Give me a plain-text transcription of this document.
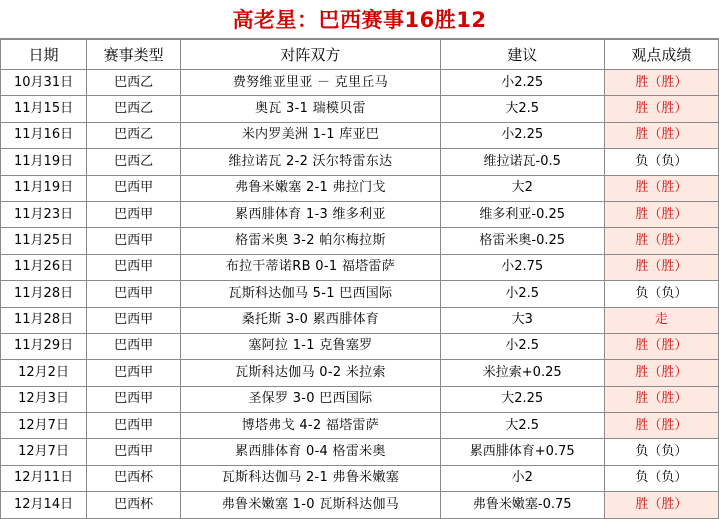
高老星：巴西赛事16胜12
日期	赛事类型	对阵双方	建议	观点成绩
10月31日	巴西乙	费努维亚里亚 － 克里丘马	小2.25	胜（胜）
11月15日	巴西乙	奥瓦 3-1 瑞模贝雷	大2.5	胜（胜）
11月16日	巴西乙	米内罗美洲 1-1 库亚巴	小2.25	胜（胜）
11月19日	巴西乙	维拉诺瓦 2-2 沃尔特雷东达	维拉诺瓦-0.5	负（负）
11月19日	巴西甲	弗鲁米嫩塞 2-1 弗拉门戈	大2	胜（胜）
11月23日	巴西甲	累西腓体育 1-3 维多利亚	维多利亚-0.25	胜（胜）
11月25日	巴西甲	格雷米奥 3-2 帕尔梅拉斯	格雷米奥-0.25	胜（胜）
11月26日	巴西甲	布拉干蒂诺RB 0-1 福塔雷萨	小2.75	胜（胜）
11月28日	巴西甲	瓦斯科达伽马 5-1 巴西国际	小2.5	负（负）
11月28日	巴西甲	桑托斯 3-0 累西腓体育	大3	走
11月29日	巴西甲	塞阿拉 1-1 克鲁塞罗	小2.5	胜（胜）
12月2日	巴西甲	瓦斯科达伽马 0-2 米拉索	米拉索+0.25	胜（胜）
12月3日	巴西甲	圣保罗 3-0 巴西国际	大2.25	胜（胜）
12月7日	巴西甲	博塔弗戈 4-2 福塔雷萨	大2.5	胜（胜）
12月7日	巴西甲	累西腓体育 0-4 格雷米奥	累西腓体育+0.75	负（负）
12月11日	巴西杯	瓦斯科达伽马 2-1 弗鲁米嫩塞	小2	负（负）
12月14日	巴西杯	弗鲁米嫩塞 1-0 瓦斯科达伽马	弗鲁米嫩塞-0.75	胜（胜）
